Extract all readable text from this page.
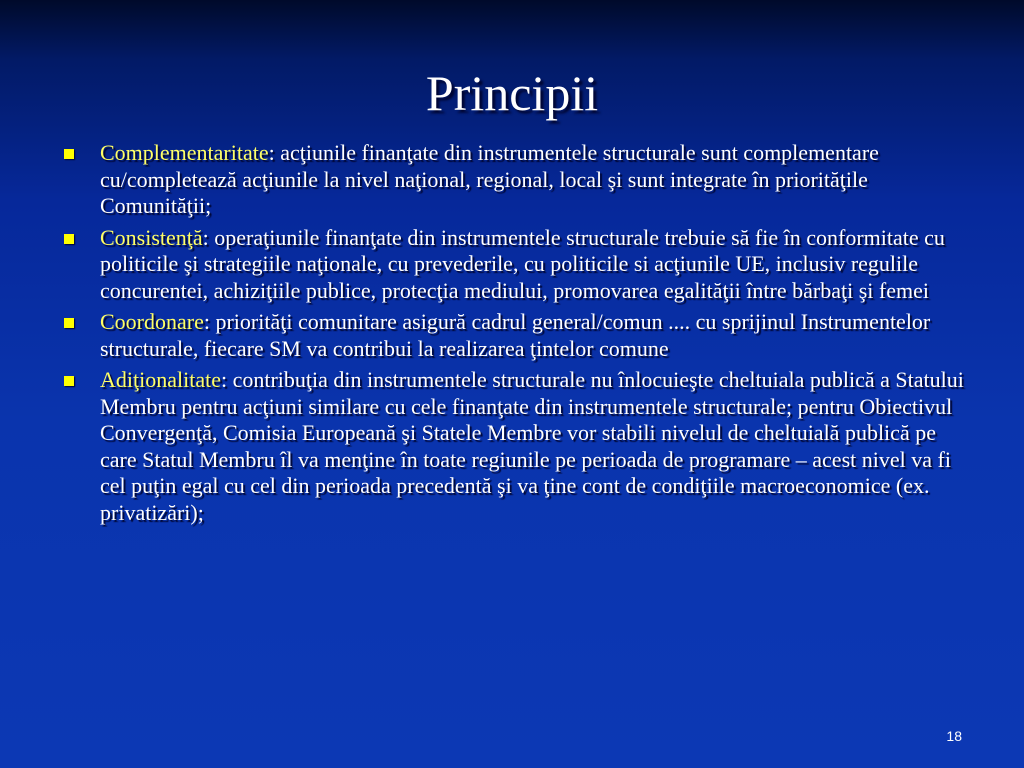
Principii
Complementaritate: acţiunile finanţate din instrumentele structurale sunt complementare cu/completează acţiunile la nivel naţional, regional, local şi sunt integrate în priorităţile Comunităţii;
Consistenţă: operaţiunile finanţate din instrumentele structurale trebuie să fie în conformitate cu politicile şi strategiile naţionale, cu prevederile, cu politicile si acţiunile UE, inclusiv regulile concurentei, achiziţiile publice, protecţia mediului, promovarea egalităţii între bărbaţi şi femei
Coordonare: priorităţi comunitare asigură cadrul general/comun .... cu sprijinul Instrumentelor structurale, fiecare SM va contribui la realizarea ţintelor comune
Adiţionalitate: contribuţia din instrumentele structurale nu înlocuieşte cheltuiala publică a Statului Membru pentru acţiuni similare cu cele finanţate din instrumentele structurale; pentru Obiectivul Convergenţă, Comisia Europeană şi Statele Membre vor stabili nivelul de cheltuială publică pe care Statul Membru îl va menţine în toate regiunile pe perioada de programare – acest nivel va fi cel puţin egal cu cel din perioada precedentă şi va ţine cont de condiţiile macroeconomice (ex. privatizări);
18
